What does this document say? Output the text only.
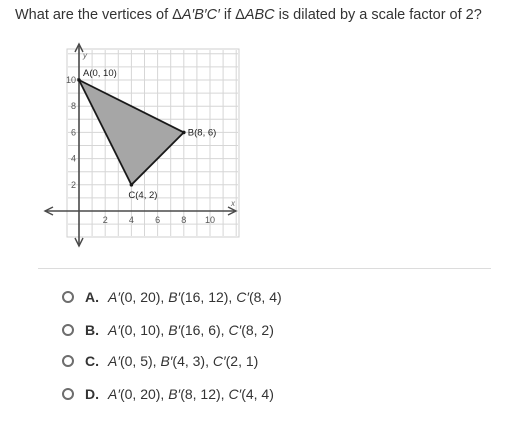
What are the vertices of ΔA′B′C′ if ΔABC is dilated by a scale factor of 2?
x
y
2 4 6 8 10
2
4
6
8
10
A(0, 10)
B(8, 6)
C(4, 2)
A. A′(0, 20), B′(16, 12), C′(8, 4)
B. A′(0, 10), B′(16, 6), C′(8, 2)
C. A′(0, 5), B′(4, 3), C′(2, 1)
D. A′(0, 20), B′(8, 12), C′(4, 4)
